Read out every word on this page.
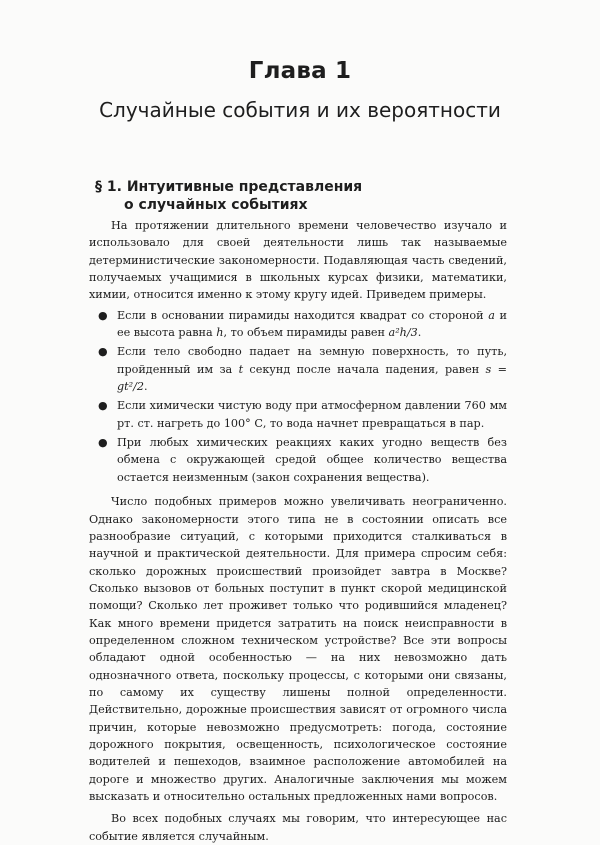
Глава 1
Случайные события и их вероятности
§ 1. Интуитивные представления
о случайных событиях

На протяжении длительного времени человечество изучало и использовало для своей деятельности лишь так называемые детерминистические закономерности. Подавляющая часть сведений, получаемых учащимися в школьных курсах физики, математики, химии, относится именно к этому кругу идей. Приведем примеры.

● Если в основании пирамиды находится квадрат со стороной a и ее высота равна h, то объем пирамиды равен a²h/3.
● Если тело свободно падает на земную поверхность, то путь, пройденный им за t секунд после начала падения, равен s = gt²/2.
● Если химически чистую воду при атмосферном давлении 760 мм рт. ст. нагреть до 100° С, то вода начнет превращаться в пар.
● При любых химических реакциях каких угодно веществ без обмена с окружающей средой общее количество вещества остается неизменным (закон сохранения вещества).

Число подобных примеров можно увеличивать неограниченно. Однако закономерности этого типа не в состоянии описать все разнообразие ситуаций, с которыми приходится сталкиваться в научной и практической деятельности. Для примера спросим себя: сколько дорожных происшествий произойдет завтра в Москве? Сколько вызовов от больных поступит в пункт скорой медицинской помощи? Сколько лет проживет только что родившийся младенец? Как много времени придется затратить на поиск неисправности в определенном сложном техническом устройстве? Все эти вопросы обладают одной особенностью — на них невозможно дать однозначного ответа, поскольку процессы, с которыми они связаны, по самому их существу лишены полной определенности. Действительно, дорожные происшествия зависят от огромного числа причин, которые невозможно предусмотреть: погода, состояние дорожного покрытия, освещенность, психологическое состояние водителей и пешеходов, взаимное расположение автомобилей на дороге и множество других. Аналогичные заключения мы можем высказать и относительно остальных предложенных нами вопросов.

Во всех подобных случаях мы говорим, что интересующее нас событие является случайным.
